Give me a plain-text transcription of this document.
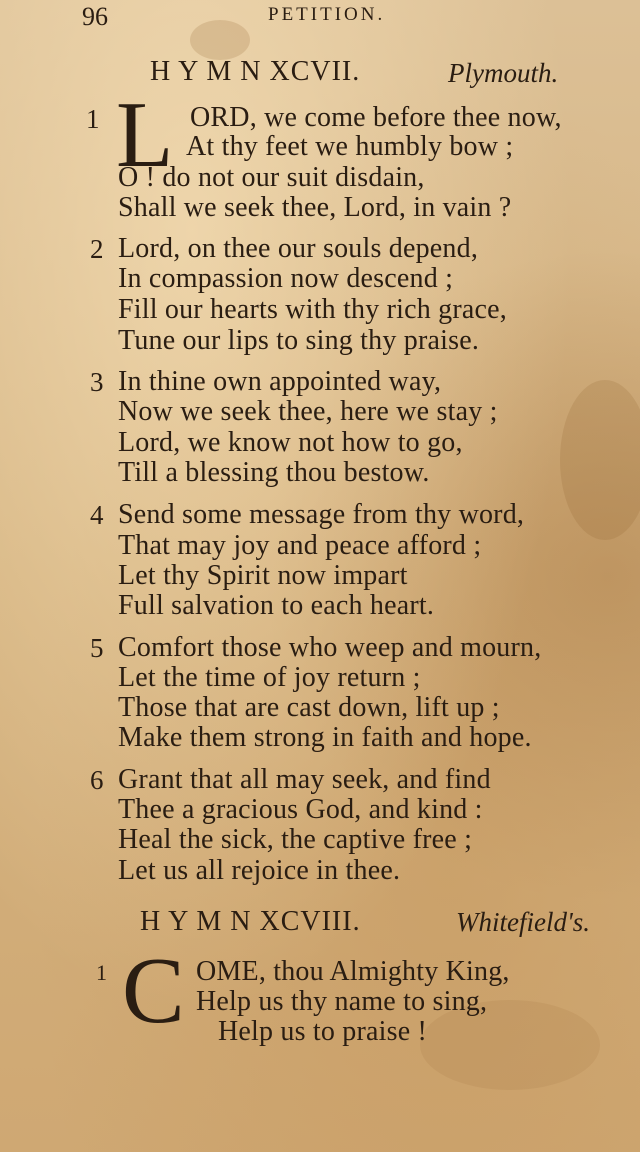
96	PETITION.
H Y M N XCVII.	Plymouth.
1 L ORD, we come before thee now,
At thy feet we humbly bow ;
O ! do not our suit disdain,
Shall we seek thee, Lord, in vain ?
2 Lord, on thee our souls depend,
In compassion now descend ;
Fill our hearts with thy rich grace,
Tune our lips to sing thy praise.
3 In thine own appointed way,
Now we seek thee, here we stay ;
Lord, we know not how to go,
Till a blessing thou bestow.
4 Send some message from thy word,
That may joy and peace afford ;
Let thy Spirit now impart
Full salvation to each heart.
5 Comfort those who weep and mourn,
Let the time of joy return ;
Those that are cast down, lift up ;
Make them strong in faith and hope.
6 Grant that all may seek, and find
Thee a gracious God, and kind :
Heal the sick, the captive free ;
Let us all rejoice in thee.
H Y M N XCVIII.	Whitefield's.
1 C OME, thou Almighty King,
Help us thy name to sing,
Help us to praise !
